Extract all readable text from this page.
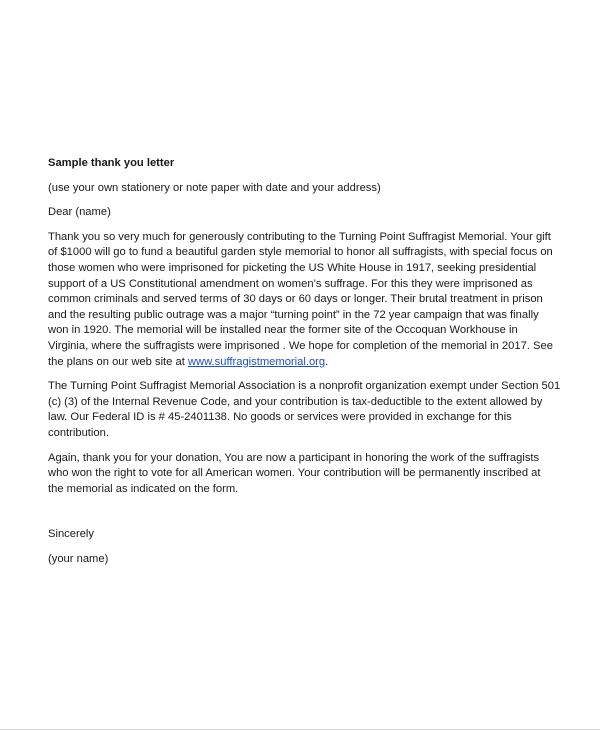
Sample thank you letter
(use your own stationery or note paper with date and your address)
Dear (name)
Thank you so very much for generously contributing to the Turning Point Suffragist Memorial. Your gift
of $1000 will go to fund a beautiful garden style memorial to honor all suffragists, with special focus on
those women who were imprisoned for picketing the US White House in 1917, seeking presidential
support of a US Constitutional amendment on women’s suffrage. For this they were imprisoned as
common criminals and served terms of 30 days or 60 days or longer. Their brutal treatment in prison
and the resulting public outrage was a major “turning point” in the 72 year campaign that was finally
won in 1920. The memorial will be installed near the former site of the Occoquan Workhouse in
Virginia, where the suffragists were imprisoned . We hope for completion of the memorial in 2017. See
the plans on our web site at www.suffragistmemorial.org.
The Turning Point Suffragist Memorial Association is a nonprofit organization exempt under Section 501
(c) (3) of the Internal Revenue Code, and your contribution is tax-deductible to the extent allowed by
law. Our Federal ID is # 45-2401138. No goods or services were provided in exchange for this
contribution.
Again, thank you for your donation, You are now a participant in honoring the work of the suffragists
who won the right to vote for all American women. Your contribution will be permanently inscribed at
the memorial as indicated on the form.
Sincerely
(your name)
